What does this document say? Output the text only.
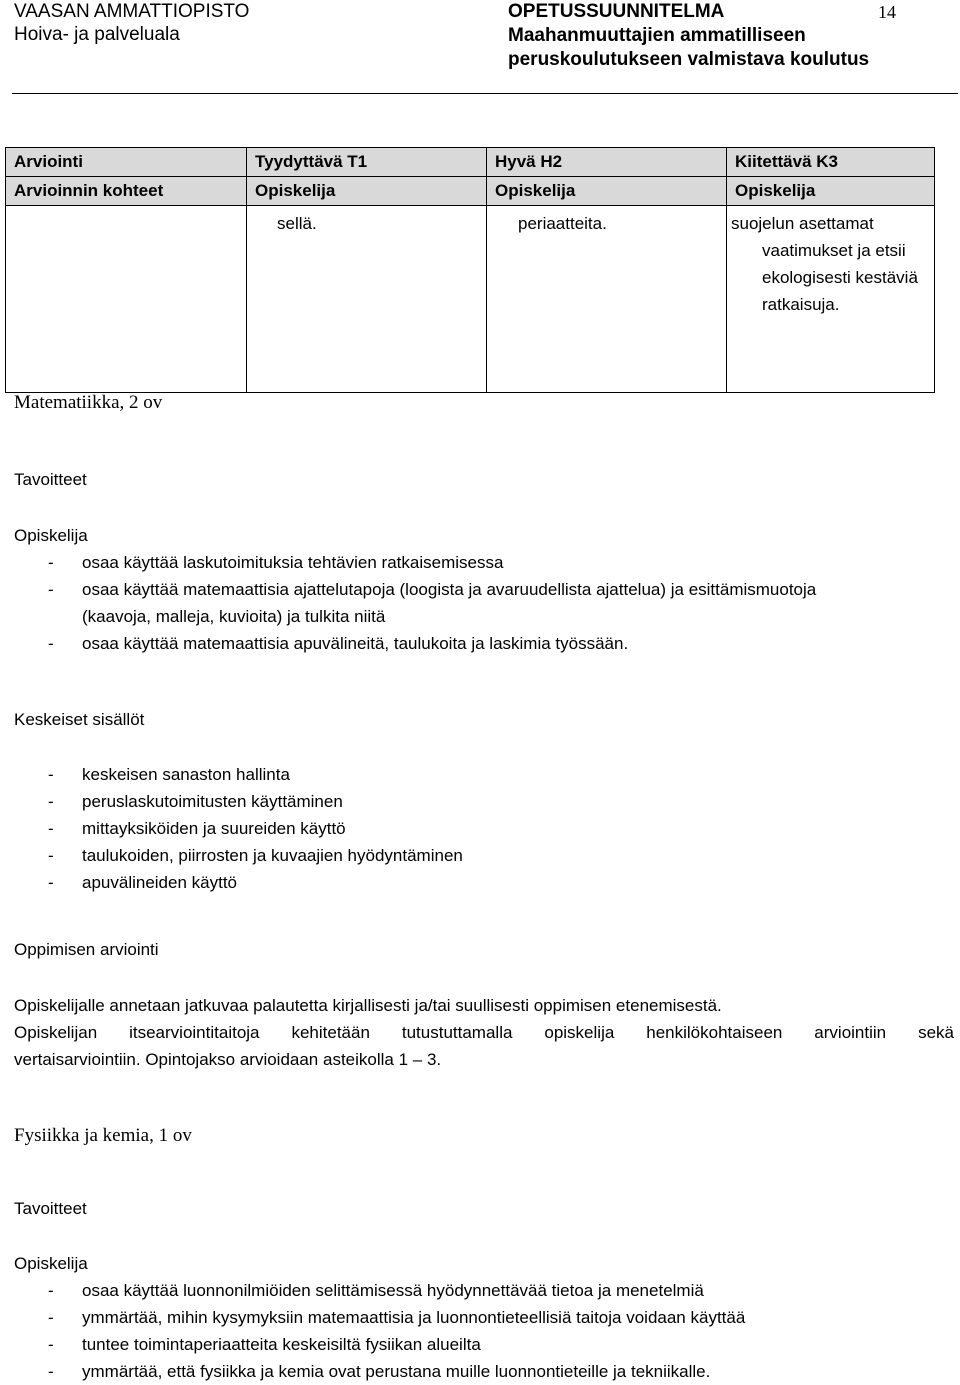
VAASAN AMMATTIOPISTO
Hoiva- ja palveluala
OPETUSSUUNNITELMA
Maahanmuuttajien ammatilliseen
peruskoulutukseen valmistava koulutus
14
Arviointi	Tyydyttävä T1	Hyvä H2	Kiitettävä K3
Arvioinnin kohteet	Opiskelija	Opiskelija	Opiskelija

	sellä.	periaatteita.	suojelun asettamat
vaatimukset ja etsii
ekologisesti kestäviä
ratkaisuja.
Matematiikka, 2 ov
Tavoitteet
Opiskelija
- osaa käyttää laskutoimituksia tehtävien ratkaisemisessa
- osaa käyttää matemaattisia ajattelutapoja (loogista ja avaruudellista ajattelua) ja esittämismuotoja
(kaavoja, malleja, kuvioita) ja tulkita niitä
- osaa käyttää matemaattisia apuvälineitä, taulukoita ja laskimia työssään.
Keskeiset sisällöt
- keskeisen sanaston hallinta
- peruslaskutoimitusten käyttäminen
- mittayksiköiden ja suureiden käyttö
- taulukoiden, piirrosten ja kuvaajien hyödyntäminen
- apuvälineiden käyttö
Oppimisen arviointi
Opiskelijalle annetaan jatkuvaa palautetta kirjallisesti ja/tai suullisesti oppimisen etenemisestä.
Opiskelijan itsearviointitaitoja kehitetään tutustuttamalla opiskelija henkilökohtaiseen arviointiin sekä
vertaisarviointiin. Opintojakso arvioidaan asteikolla 1 – 3.
Fysiikka ja kemia, 1 ov
Tavoitteet
Opiskelija
- osaa käyttää luonnonilmiöiden selittämisessä hyödynnettävää tietoa ja menetelmiä
- ymmärtää, mihin kysymyksiin matemaattisia ja luonnontieteellisiä taitoja voidaan käyttää
- tuntee toimintaperiaatteita keskeisiltä fysiikan alueilta
- ymmärtää, että fysiikka ja kemia ovat perustana muille luonnontieteille ja tekniikalle.
